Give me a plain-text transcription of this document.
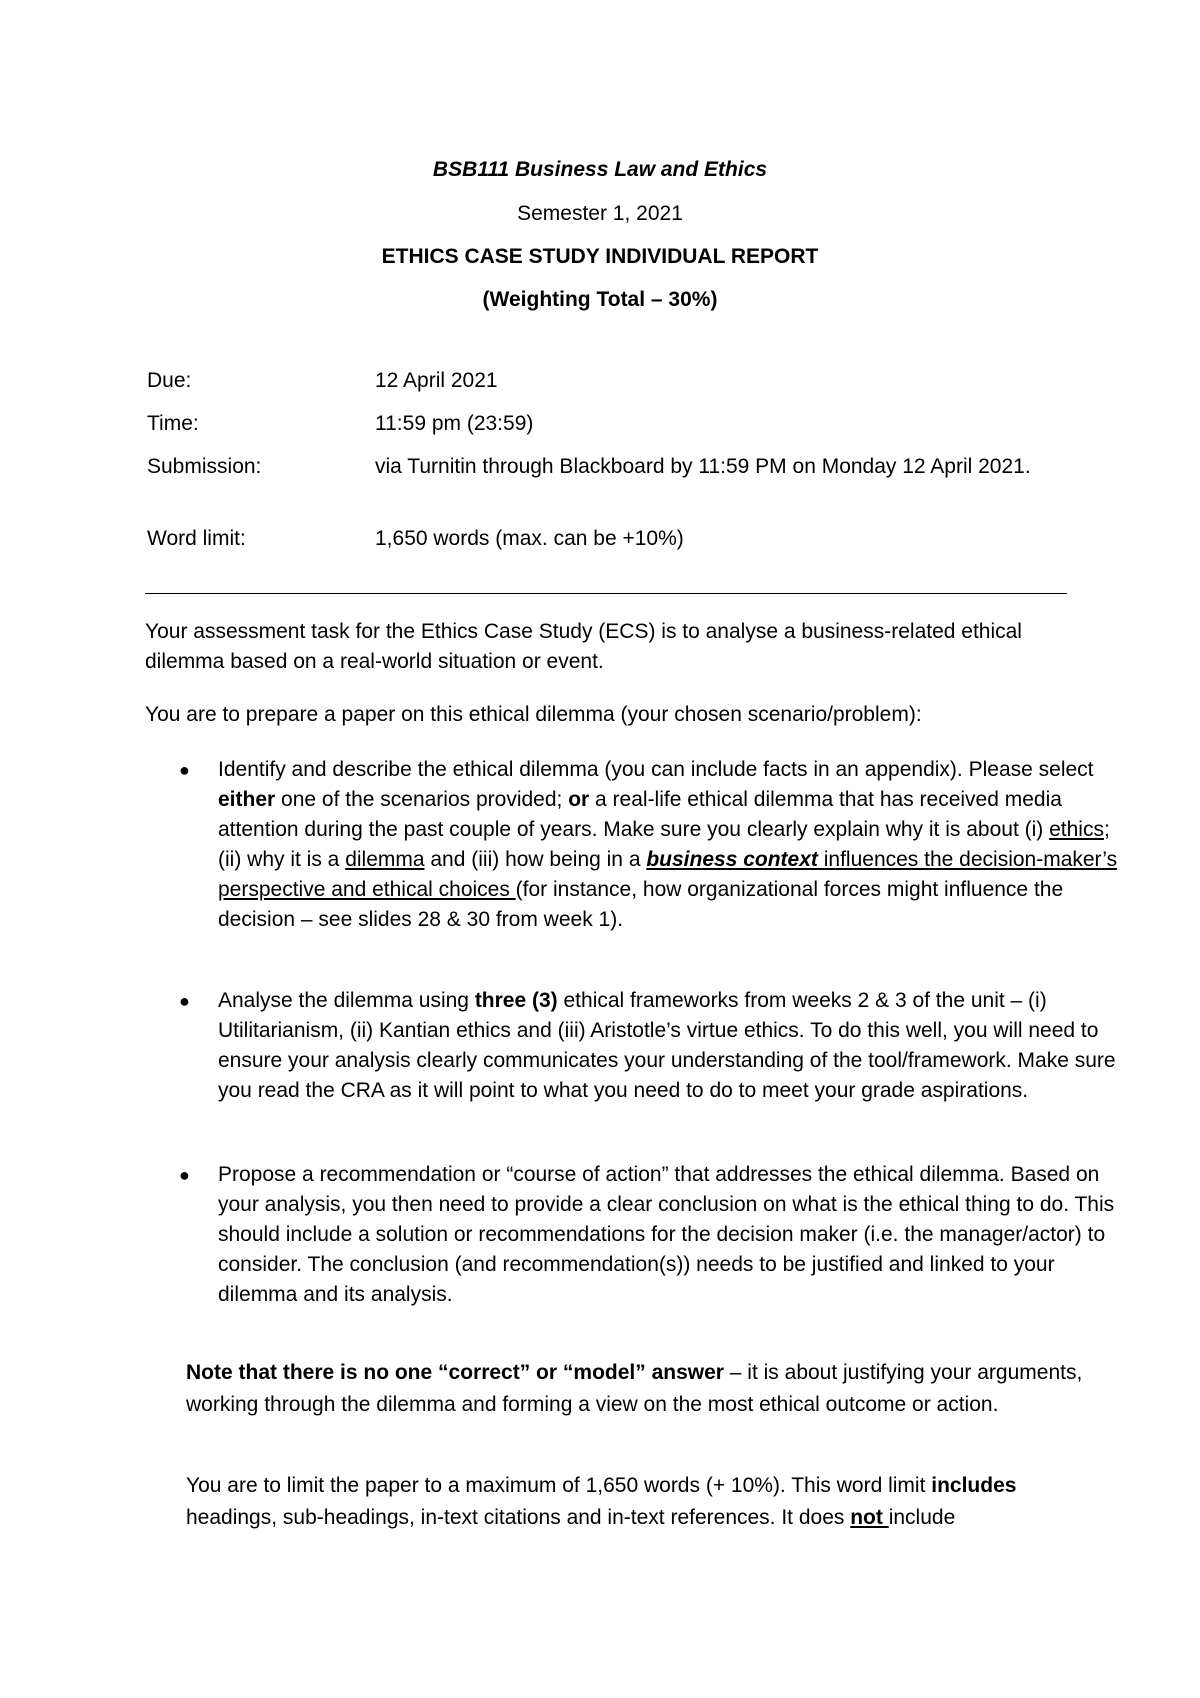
BSB111 Business Law and Ethics
Semester 1, 2021
ETHICS CASE STUDY INDIVIDUAL REPORT
(Weighting Total – 30%)
Due:	12 April 2021
Time:	11:59 pm (23:59)
Submission:	via Turnitin through Blackboard by 11:59 PM on Monday 12 April 2021.
Word limit:	1,650 words (max. can be +10%)
Your assessment task for the Ethics Case Study (ECS) is to analyse a business-related ethical dilemma based on a real-world situation or event.
You are to prepare a paper on this ethical dilemma (your chosen scenario/problem):
● Identify and describe the ethical dilemma (you can include facts in an appendix). Please select either one of the scenarios provided; or a real-life ethical dilemma that has received media attention during the past couple of years. Make sure you clearly explain why it is about (i) ethics; (ii) why it is a dilemma and (iii) how being in a business context influences the decision-maker’s perspective and ethical choices (for instance, how organizational forces might influence the decision – see slides 28 & 30 from week 1).
● Analyse the dilemma using three (3) ethical frameworks from weeks 2 & 3 of the unit – (i) Utilitarianism, (ii) Kantian ethics and (iii) Aristotle’s virtue ethics. To do this well, you will need to ensure your analysis clearly communicates your understanding of the tool/framework. Make sure you read the CRA as it will point to what you need to do to meet your grade aspirations.
● Propose a recommendation or “course of action” that addresses the ethical dilemma. Based on your analysis, you then need to provide a clear conclusion on what is the ethical thing to do. This should include a solution or recommendations for the decision maker (i.e. the manager/actor) to consider. The conclusion (and recommendation(s)) needs to be justified and linked to your dilemma and its analysis.
Note that there is no one “correct” or “model” answer – it is about justifying your arguments, working through the dilemma and forming a view on the most ethical outcome or action.
You are to limit the paper to a maximum of 1,650 words (+ 10%). This word limit includes headings, sub-headings, in-text citations and in-text references. It does not include
